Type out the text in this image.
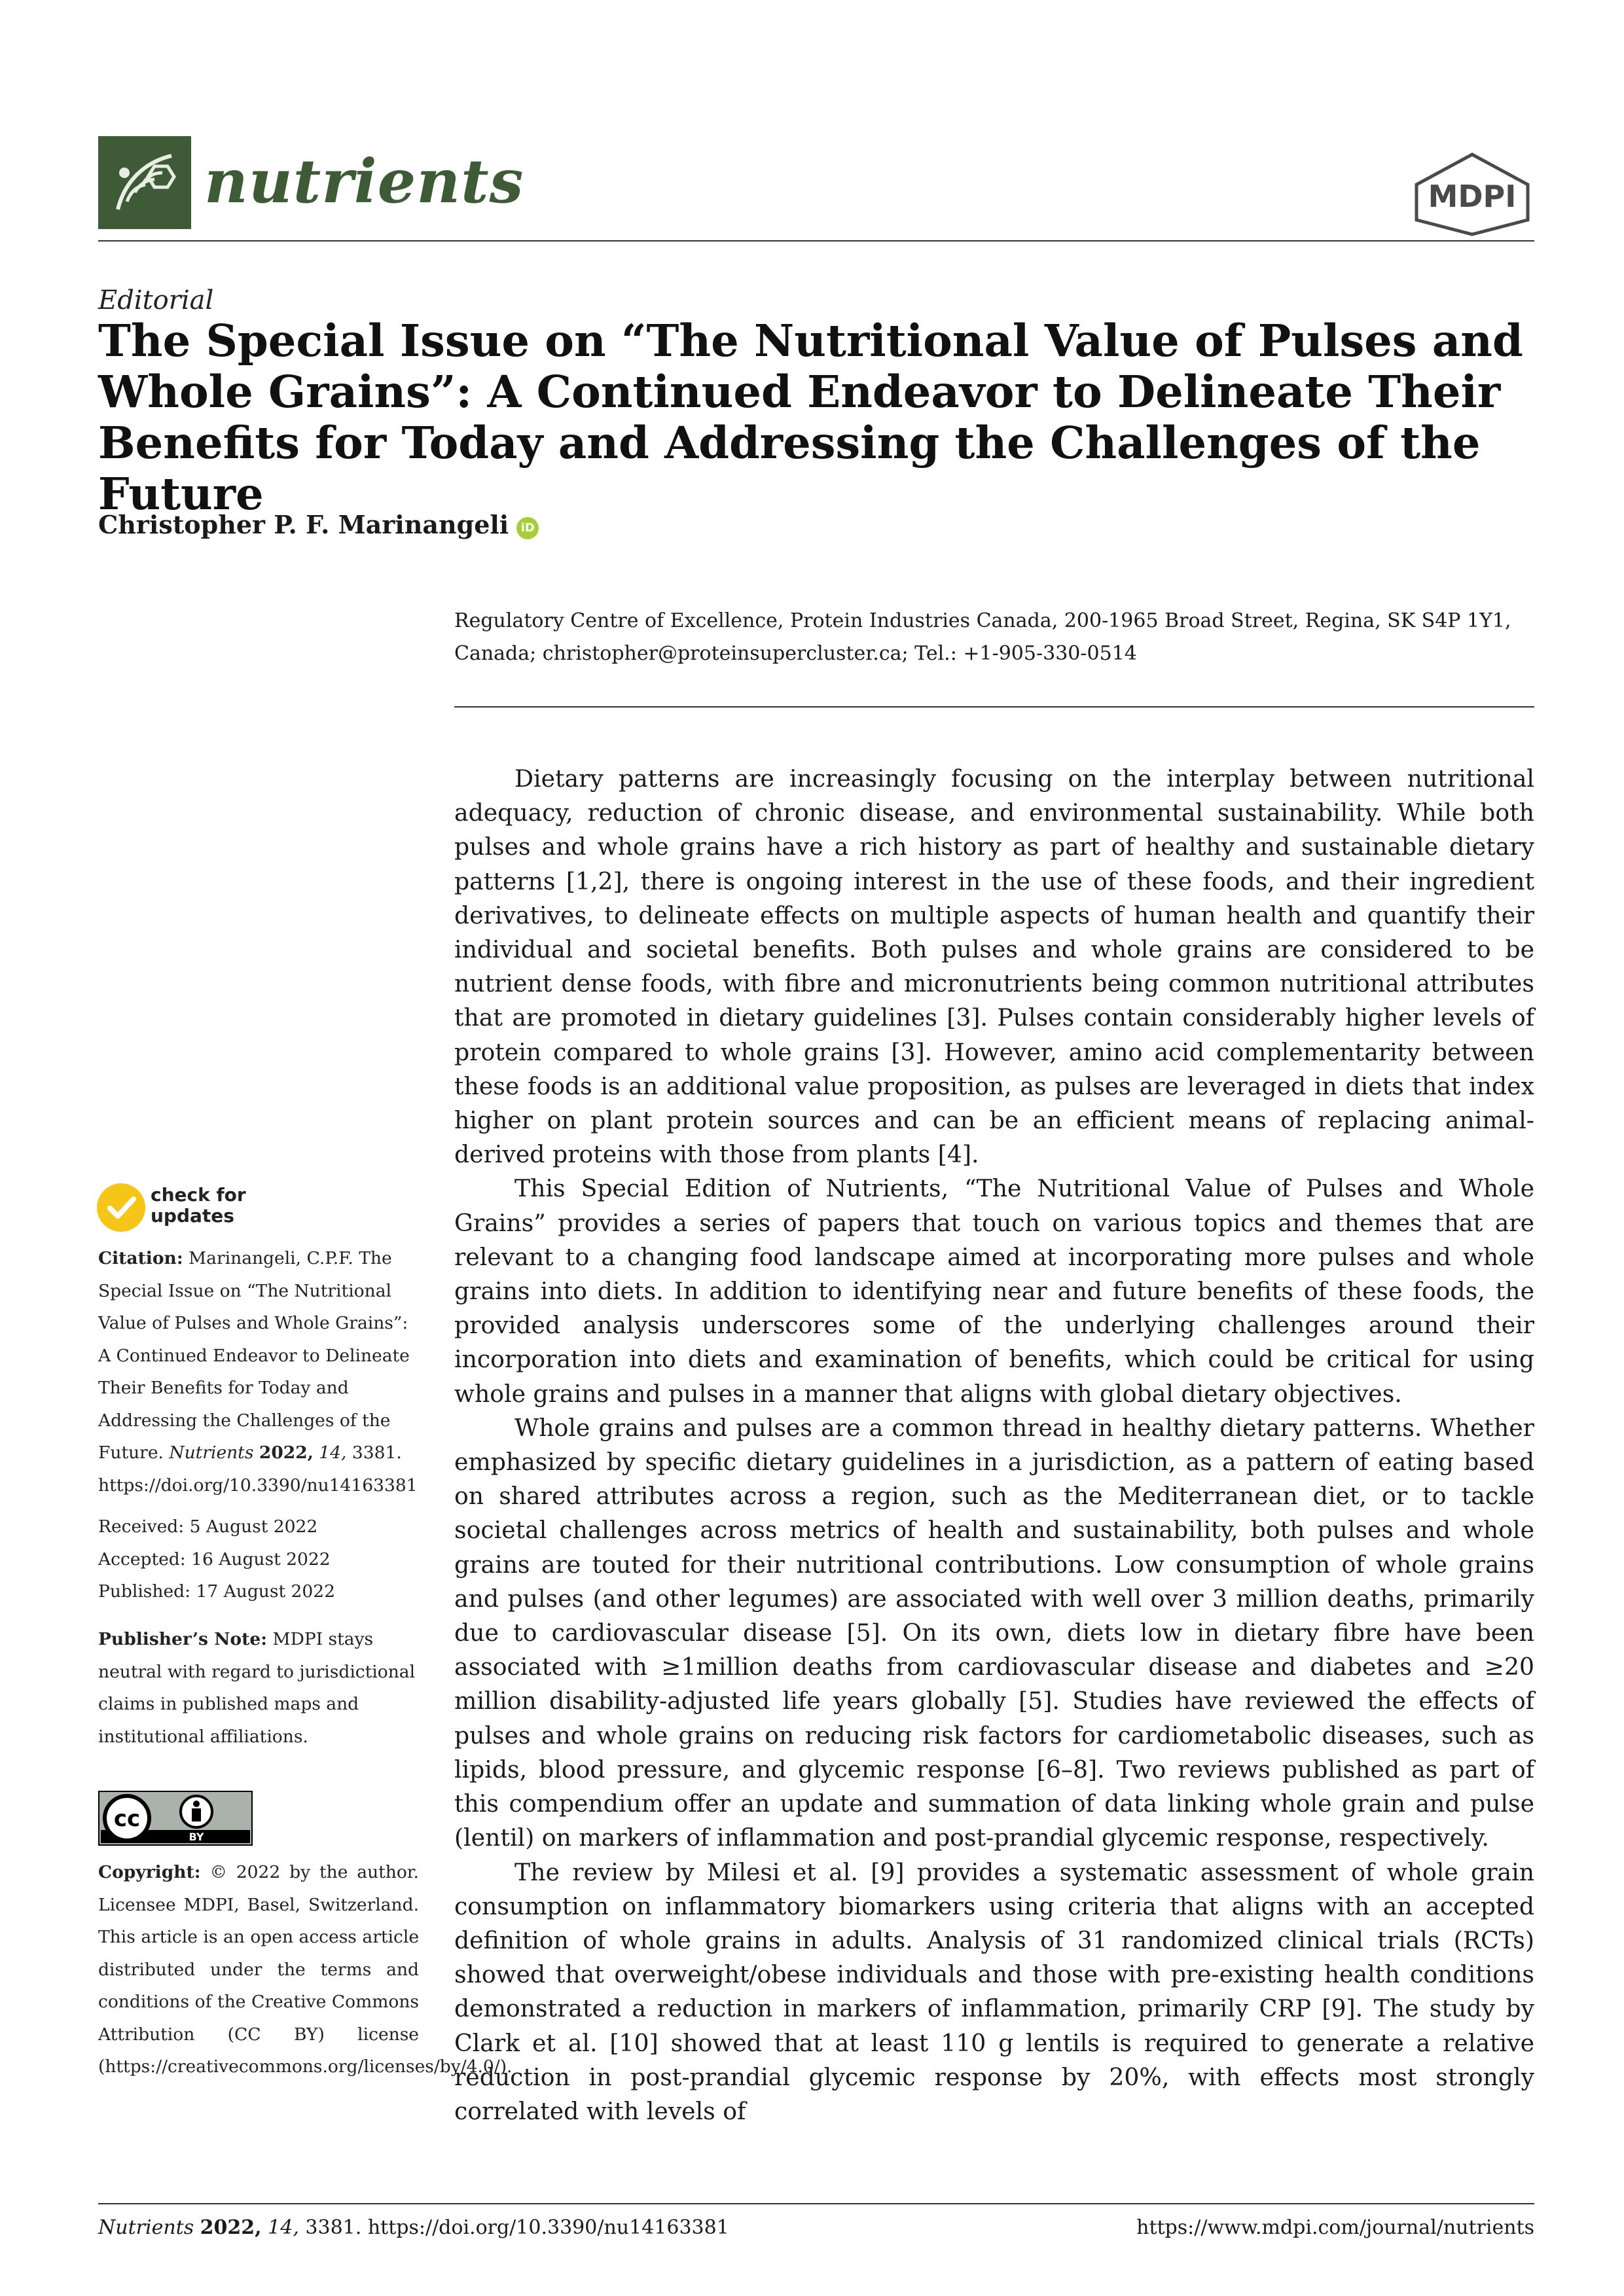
nutrients	MDPI
Editorial
The Special Issue on “The Nutritional Value of Pulses and Whole Grains”: A Continued Endeavor to Delineate Their Benefits for Today and Addressing the Challenges of the Future
Christopher P. F. Marinangeli iD
Regulatory Centre of Excellence, Protein Industries Canada, 200-1965 Broad Street, Regina, SK S4P 1Y1, Canada; christopher@proteinsupercluster.ca; Tel.: +1-905-330-0514

Dietary patterns are increasingly focusing on the interplay between nutritional adequacy, reduction of chronic disease, and environmental sustainability. While both pulses and whole grains have a rich history as part of healthy and sustainable dietary patterns [1,2], there is ongoing interest in the use of these foods, and their ingredient derivatives, to delineate effects on multiple aspects of human health and quantify their individual and societal benefits. Both pulses and whole grains are considered to be nutrient dense foods, with fibre and micronutrients being common nutritional attributes that are promoted in dietary guidelines [3]. Pulses contain considerably higher levels of protein compared to whole grains [3]. However, amino acid complementarity between these foods is an additional value proposition, as pulses are leveraged in diets that index higher on plant protein sources and can be an efficient means of replacing animal-derived proteins with those from plants [4].

This Special Edition of Nutrients, “The Nutritional Value of Pulses and Whole Grains” provides a series of papers that touch on various topics and themes that are relevant to a changing food landscape aimed at incorporating more pulses and whole grains into diets. In addition to identifying near and future benefits of these foods, the provided analysis underscores some of the underlying challenges around their incorporation into diets and examination of benefits, which could be critical for using whole grains and pulses in a manner that aligns with global dietary objectives.

Whole grains and pulses are a common thread in healthy dietary patterns. Whether emphasized by specific dietary guidelines in a jurisdiction, as a pattern of eating based on shared attributes across a region, such as the Mediterranean diet, or to tackle societal challenges across metrics of health and sustainability, both pulses and whole grains are touted for their nutritional contributions. Low consumption of whole grains and pulses (and other legumes) are associated with well over 3 million deaths, primarily due to cardiovascular disease [5]. On its own, diets low in dietary fibre have been associated with ≥1million deaths from cardiovascular disease and diabetes and ≥20 million disability-adjusted life years globally [5]. Studies have reviewed the effects of pulses and whole grains on reducing risk factors for cardiometabolic diseases, such as lipids, blood pressure, and glycemic response [6–8]. Two reviews published as part of this compendium offer an update and summation of data linking whole grain and pulse (lentil) on markers of inflammation and post-prandial glycemic response, respectively.

The review by Milesi et al. [9] provides a systematic assessment of whole grain consumption on inflammatory biomarkers using criteria that aligns with an accepted definition of whole grains in adults. Analysis of 31 randomized clinical trials (RCTs) showed that overweight/obese individuals and those with pre-existing health conditions demonstrated a reduction in markers of inflammation, primarily CRP [9]. The study by Clark et al. [10] showed that at least 110 g lentils is required to generate a relative reduction in post-prandial glycemic response by 20%, with effects most strongly correlated with levels of

check for updates

Citation: Marinangeli, C.P.F. The Special Issue on “The Nutritional Value of Pulses and Whole Grains”: A Continued Endeavor to Delineate Their Benefits for Today and Addressing the Challenges of the Future. Nutrients 2022, 14, 3381. https://doi.org/10.3390/nu14163381

Received: 5 August 2022

Accepted: 16 August 2022

Published: 17 August 2022

Publisher’s Note: MDPI stays neutral with regard to jurisdictional claims in published maps and institutional affiliations.

cc
BY

Copyright: © 2022 by the author. Licensee MDPI, Basel, Switzerland. This article is an open access article distributed under the terms and conditions of the Creative Commons Attribution (CC BY) license (https://creativecommons.org/licenses/by/4.0/).

Nutrients 2022, 14, 3381. https://doi.org/10.3390/nu14163381	https://www.mdpi.com/journal/nutrients
